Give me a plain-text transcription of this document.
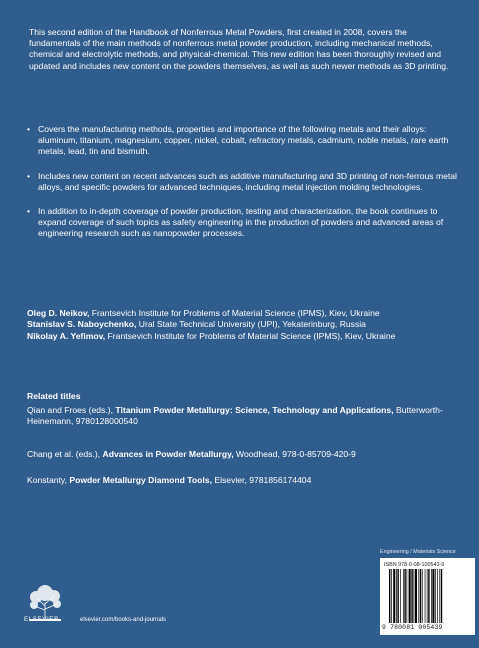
This second edition of the Handbook of Nonferrous Metal Powders, first created in 2008, covers the fundamentals of the main methods of nonferrous metal powder production, including mechanical methods, chemical and electrolytic methods, and physical-chemical. This new edition has been thoroughly revised and updated and includes new content on the powders themselves, as well as such newer methods as 3D printing.

• Covers the manufacturing methods, properties and importance of the following metals and their alloys: aluminum, titanium, magnesium, copper, nickel, cobalt, refractory metals, cadmium, noble metals, rare earth metals, lead, tin and bismuth.
• Includes new content on recent advances such as additive manufacturing and 3D printing of non-ferrous metal alloys, and specific powders for advanced techniques, including metal injection molding technologies.
• In addition to in-depth coverage of powder production, testing and characterization, the book continues to expand coverage of such topics as safety engineering in the production of powders and advanced areas of engineering research such as nanopowder processes.
Oleg D. Neikov, Frantsevich Institute for Problems of Material Science (IPMS), Kiev, Ukraine
Stanislav S. Naboychenko, Ural State Technical University (UPI), Yekaterinburg, Russia
Nikolay A. Yefimov, Frantsevich Institute for Problems of Material Science (IPMS), Kiev, Ukraine
Related titles
Qian and Froes (eds.), Titanium Powder Metallurgy: Science, Technology and Applications, Butterworth-Heinemann, 9780128000540
Chang et al. (eds.), Advances in Powder Metallurgy, Woodhead, 978-0-85709-420-9
Konstanty, Powder Metallurgy Diamond Tools, Elsevier, 9781856174404
Engineering / Materials Science
ELSEVIER	elsevier.com/books-and-journals
ISBN 978-0-08-100543-9
9 780081 005439
